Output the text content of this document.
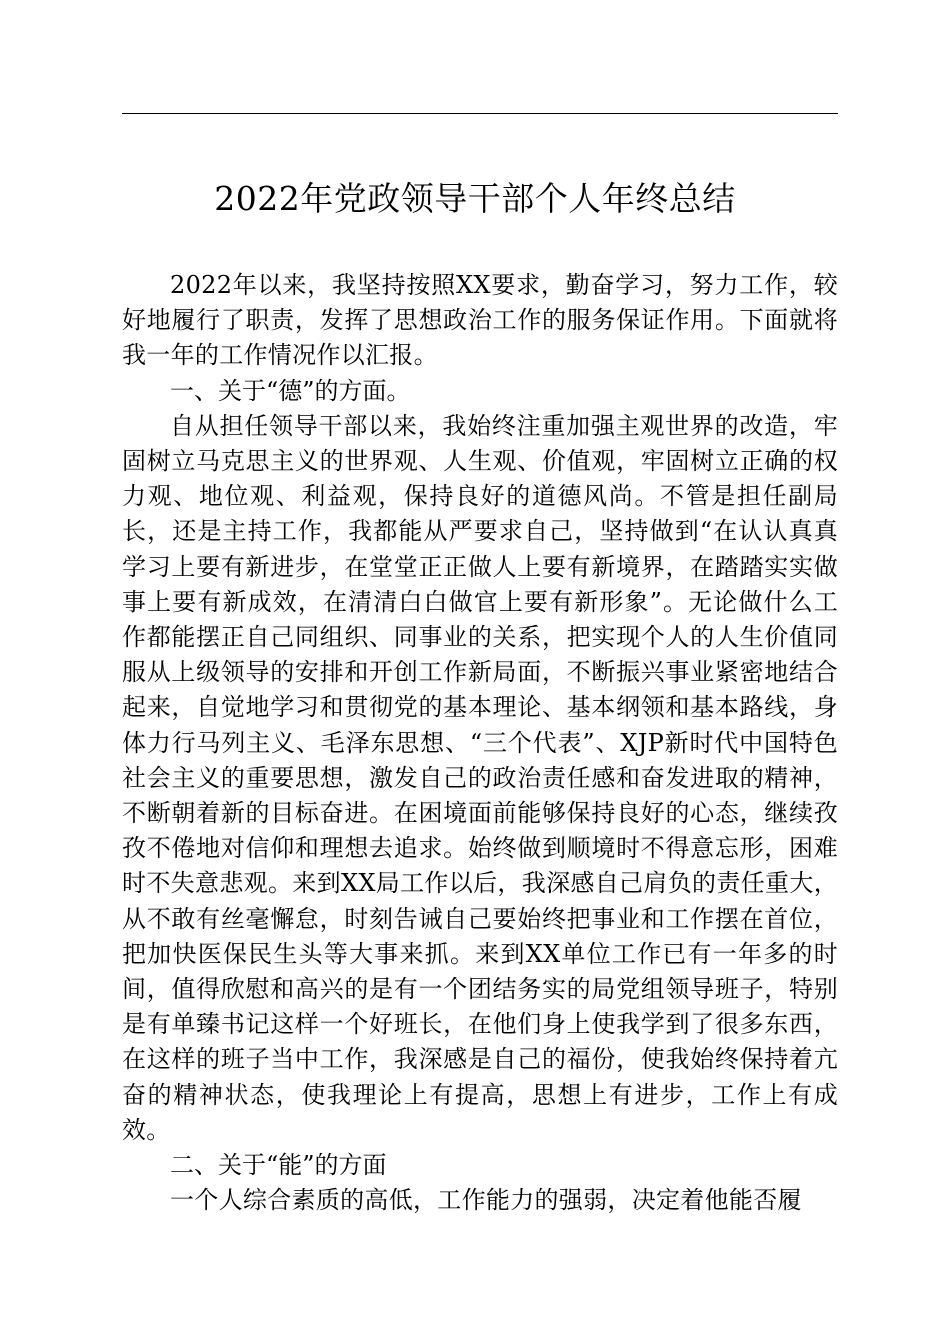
2022年党政领导干部个人年终总结

2022年以来，我坚持按照XX要求，勤奋学习，努力工作，较好地履行了职责，发挥了思想政治工作的服务保证作用。下面就将我一年的工作情况作以汇报。

一、关于“德”的方面。

自从担任领导干部以来，我始终注重加强主观世界的改造，牢固树立马克思主义的世界观、人生观、价值观，牢固树立正确的权力观、地位观、利益观，保持良好的道德风尚。不管是担任副局长，还是主持工作，我都能从严要求自己，坚持做到“在认认真真学习上要有新进步，在堂堂正正做人上要有新境界，在踏踏实实做事上要有新成效，在清清白白做官上要有新形象”。无论做什么工作都能摆正自己同组织、同事业的关系，把实现个人的人生价值同服从上级领导的安排和开创工作新局面，不断振兴事业紧密地结合起来，自觉地学习和贯彻党的基本理论、基本纲领和基本路线，身体力行马列主义、毛泽东思想、“三个代表”、XJP新时代中国特色社会主义的重要思想，激发自己的政治责任感和奋发进取的精神，不断朝着新的目标奋进。在困境面前能够保持良好的心态，继续孜孜不倦地对信仰和理想去追求。始终做到顺境时不得意忘形，困难时不失意悲观。来到XX局工作以后，我深感自己肩负的责任重大，从不敢有丝毫懈怠，时刻告诫自己要始终把事业和工作摆在首位，把加快医保民生头等大事来抓。来到XX单位工作已有一年多的时间，值得欣慰和高兴的是有一个团结务实的局党组领导班子，特别是有单臻书记这样一个好班长，在他们身上使我学到了很多东西，在这样的班子当中工作，我深感是自己的福份，使我始终保持着亢奋的精神状态，使我理论上有提高，思想上有进步，工作上有成效。

二、关于“能”的方面

一个人综合素质的高低，工作能力的强弱，决定着他能否履
